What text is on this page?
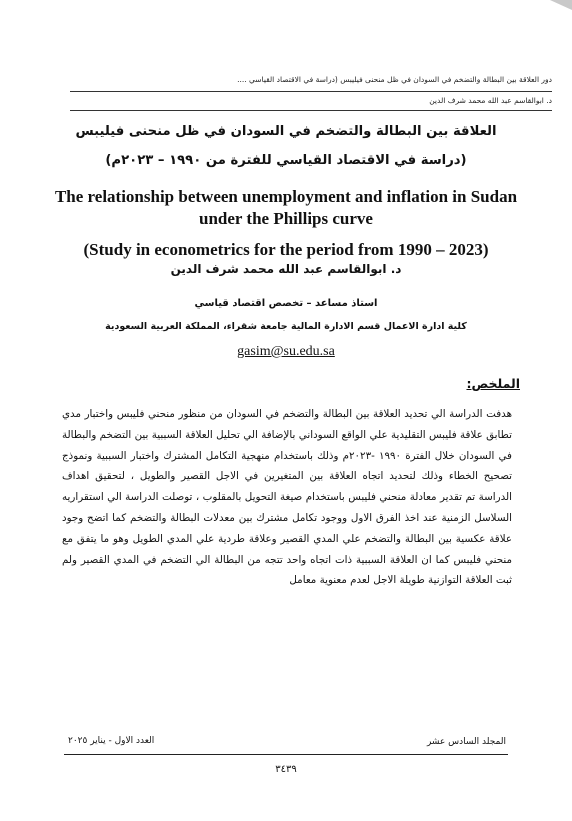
دور العلاقة بين البطالة والتضخم في السودان في ظل منحنى فيليبس (دراسة في الاقتصاد القياسي ....
د. ابوالقاسم عبد الله محمد شرف الدين
العلاقة بين البطالة والتضخم في السودان في ظل منحنى فيليبس
(دراسة في الاقتصاد القياسي للفترة من ١٩٩٠ – ٢٠٢٣م)
The relationship between unemployment and inflation in Sudan under the Phillips curve
(Study in econometrics for the period from 1990 – 2023)
د. ابوالقاسم عبد الله محمد شرف الدين
استاذ مساعد – تخصص اقتصاد قياسي
كلية ادارة الاعمال قسم الادارة المالية جامعة شقراء، المملكة العربية السعودية
gasim@su.edu.sa
الملخص:

هدفت الدراسة الي تحديد العلاقة بين البطالة والتضخم في السودان من منظور منحني فليبس واختبار مدي تطابق علاقة فليبس التقليدية علي الواقع السوداني بالإضافة الي تحليل العلاقة السببية بين التضخم والبطالة في السودان خلال الفترة ١٩٩٠ -٢٠٢٣م وذلك باستخدام منهجية التكامل المشترك واختبار السببية ونموذج تصحيح الخطاء وذلك لتحديد اتجاه العلاقة بين المتغيرين في الاجل القصير والطويل ، لتحقيق اهداف الدراسة تم تقدير معادلة منحني فليبس باستخدام صيغة التحويل بالمقلوب ، توصلت الدراسة الي استقراريه السلاسل الزمنية عند اخذ الفرق الاول ووجود تكامل مشترك بين معدلات البطالة والتضخم كما اتضح وجود علاقة عكسية بين البطالة والتضخم علي المدي القصير وعلاقة طردية علي المدي الطويل وهو ما يتفق مع منحني فليبس كما ان العلاقة السببية ذات اتجاه واحد تتجه من البطالة الي التضخم في المدي القصير ولم ثبت العلاقة التوازنية طويلة الاجل لعدم معنوية معامل

العدد الاول - يناير ٢٠٢٥	المجلد السادس عشر
٣٤٣٩
